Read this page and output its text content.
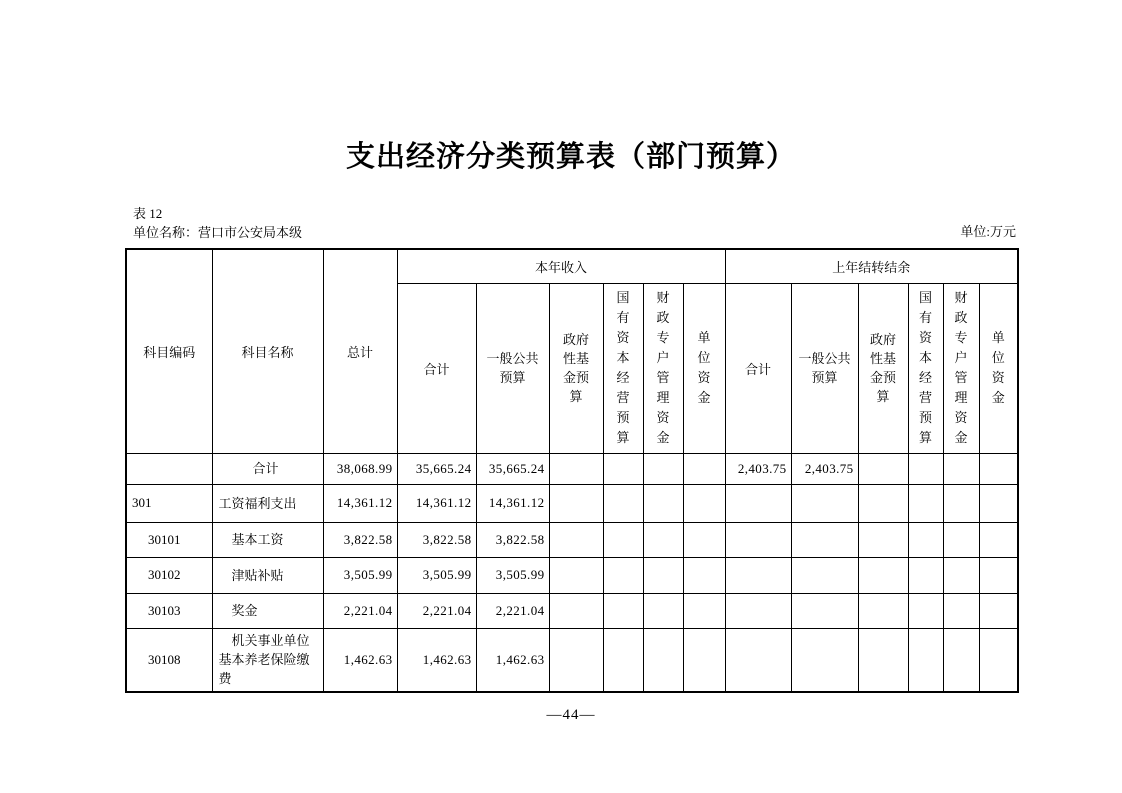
支出经济分类预算表（部门预算）
表 12
单位名称：营口市公安局本级	单位:万元
科目编码	科目名称	总计	本年收入						上年结转结余					
			合计	一般公共预算	政府性基金预算	国有资本经营预算	财政专户管理资金	单位资金	合计	一般公共预算	政府性基金预算	国有资本经营预算	财政专户管理资金	单位资金
	合计	38,068.99	35,665.24	35,665.24					2,403.75	2,403.75				
301	工资福利支出	14,361.12	14,361.12	14,361.12										
30101	基本工资	3,822.58	3,822.58	3,822.58										
30102	津贴补贴	3,505.99	3,505.99	3,505.99										
30103	奖金	2,221.04	2,221.04	2,221.04										
30108	机关事业单位基本养老保险缴费	1,462.63	1,462.63	1,462.63										
—44—
